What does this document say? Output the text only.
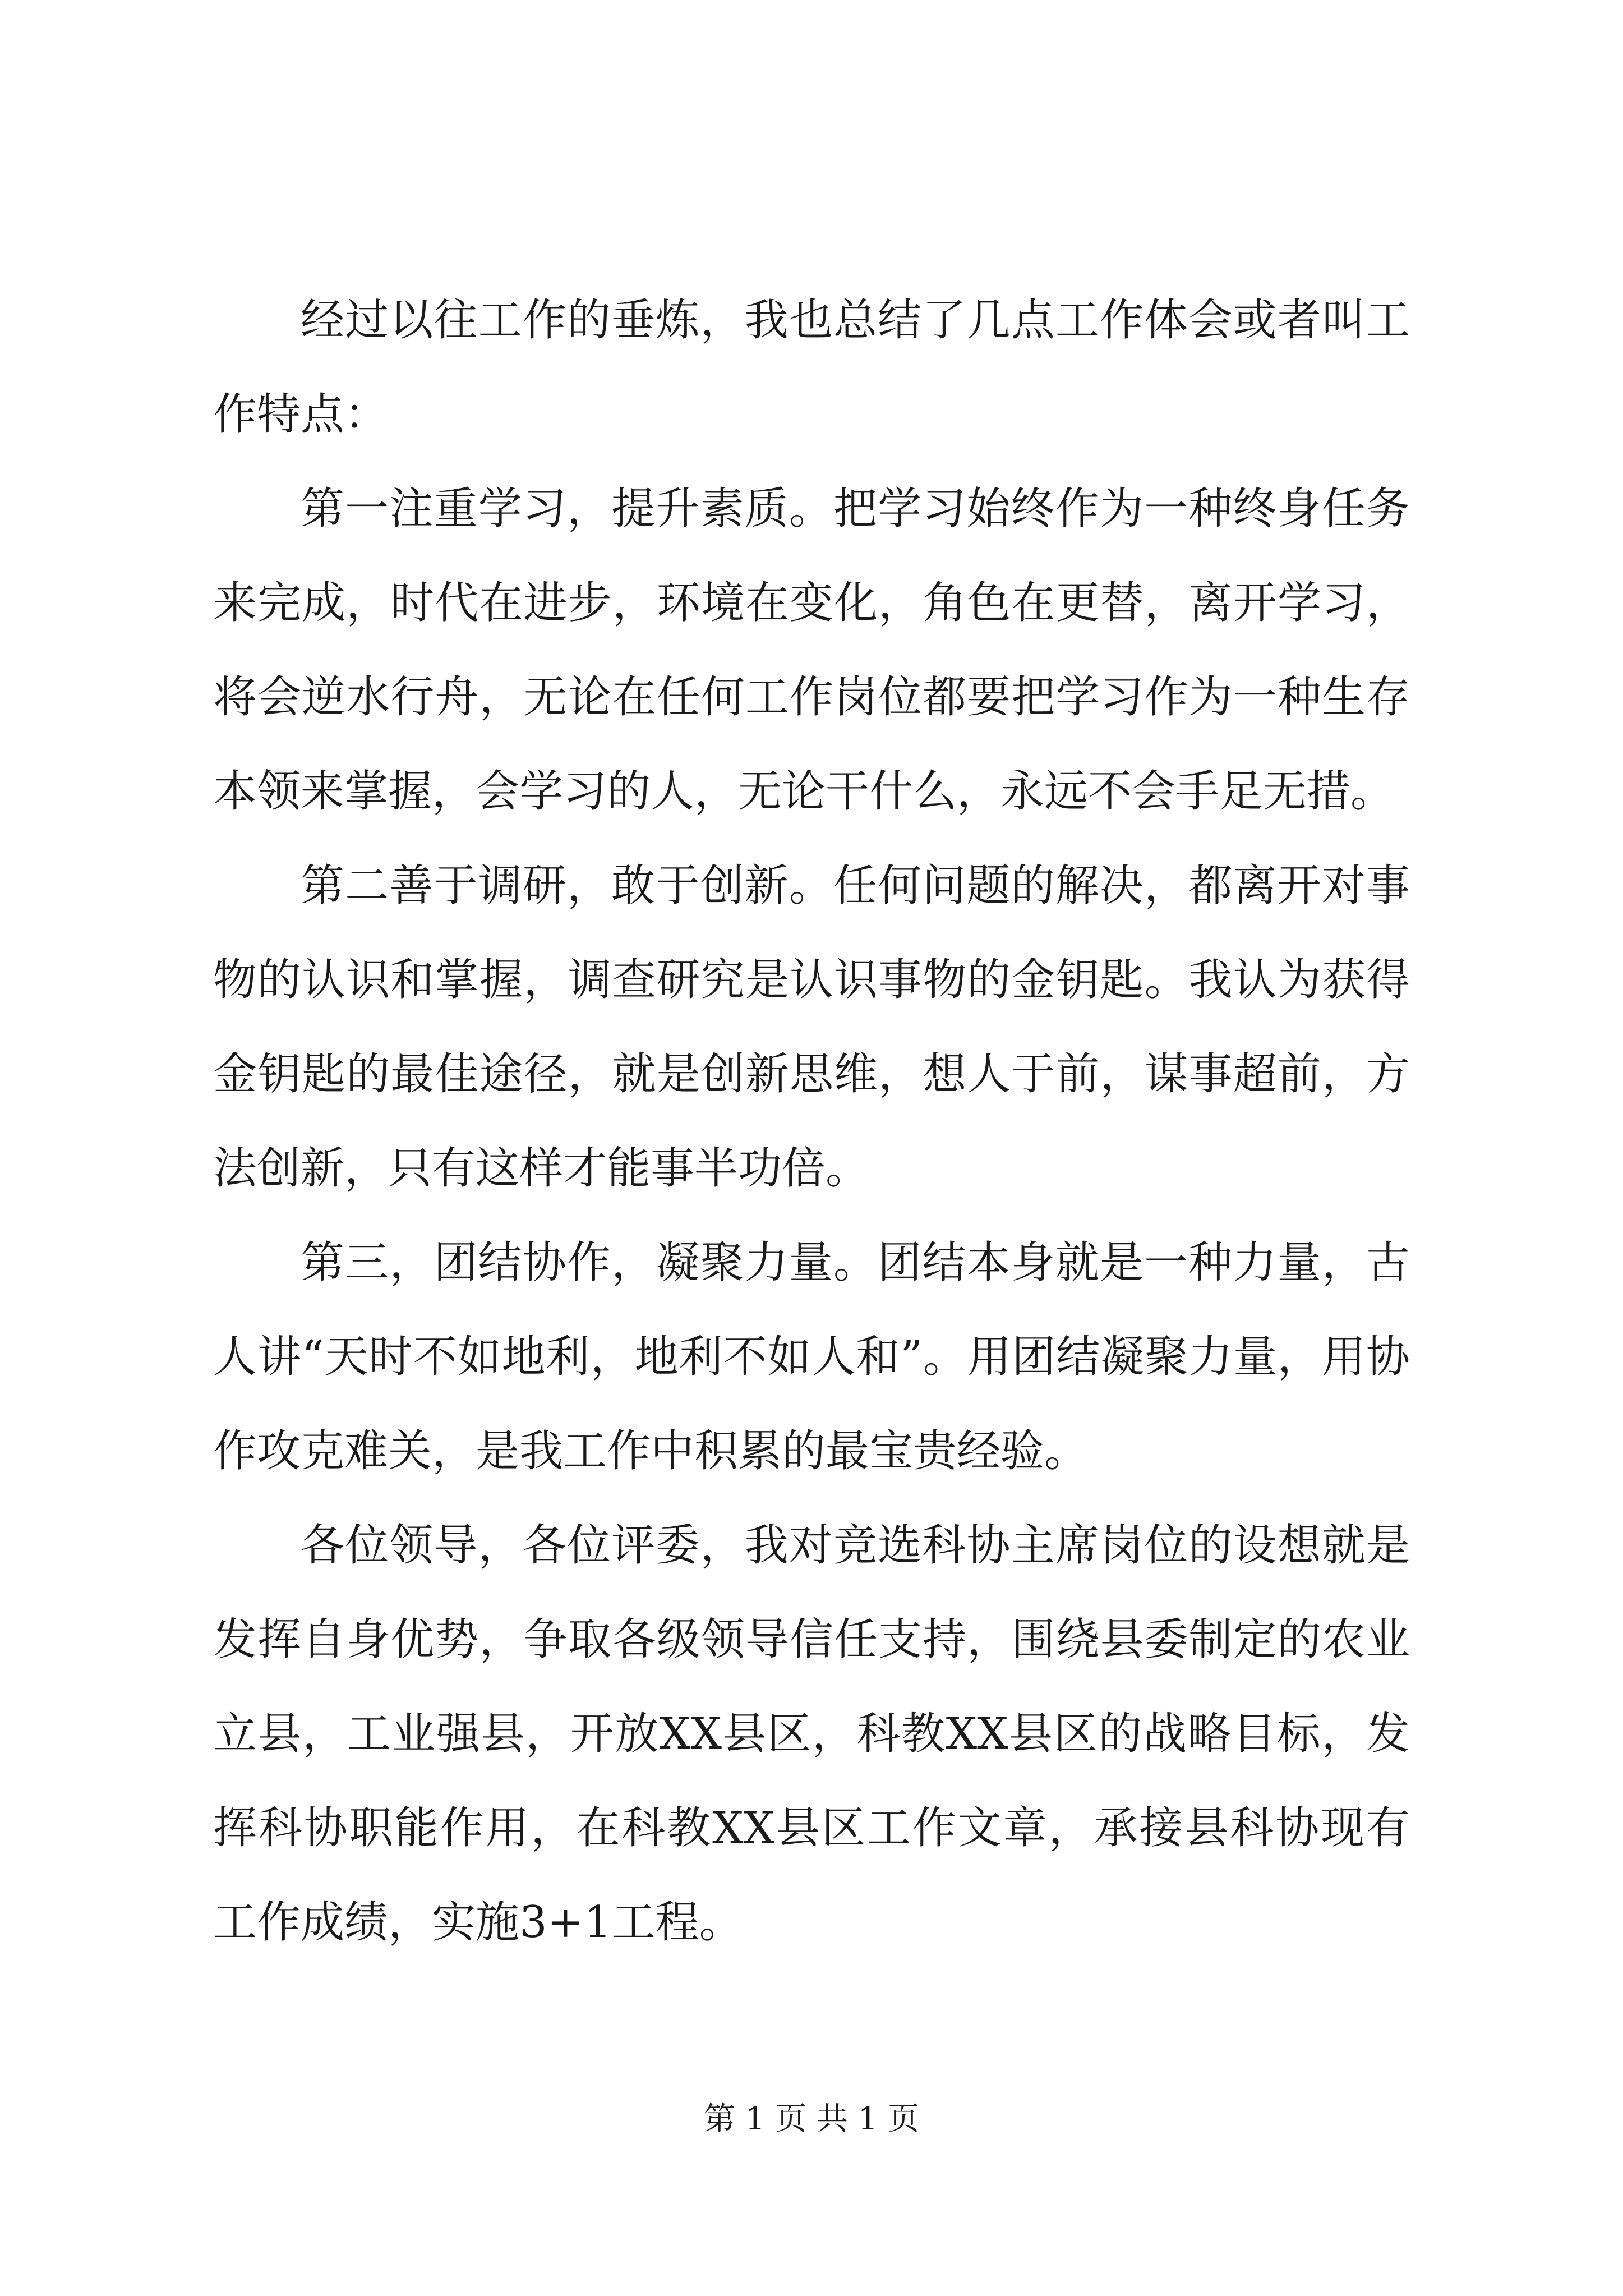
经过以往工作的垂炼，我也总结了几点工作体会或者叫工作特点：

第一注重学习，提升素质。把学习始终作为一种终身任务来完成，时代在进步，环境在变化，角色在更替，离开学习，将会逆水行舟，无论在任何工作岗位都要把学习作为一种生存本领来掌握，会学习的人，无论干什么，永远不会手足无措。

第二善于调研，敢于创新。任何问题的解决，都离开对事物的认识和掌握，调查研究是认识事物的金钥匙。我认为获得金钥匙的最佳途径，就是创新思维，想人于前，谋事超前，方法创新，只有这样才能事半功倍。

第三，团结协作，凝聚力量。团结本身就是一种力量，古人讲“天时不如地利，地利不如人和”。用团结凝聚力量，用协作攻克难关，是我工作中积累的最宝贵经验。

各位领导，各位评委，我对竞选科协主席岗位的设想就是发挥自身优势，争取各级领导信任支持，围绕县委制定的农业立县，工业强县，开放XX县区，科教XX县区的战略目标，发挥科协职能作用，在科教XX县区工作文章，承接县科协现有工作成绩，实施3+1工程。

第 1 页 共 1 页
